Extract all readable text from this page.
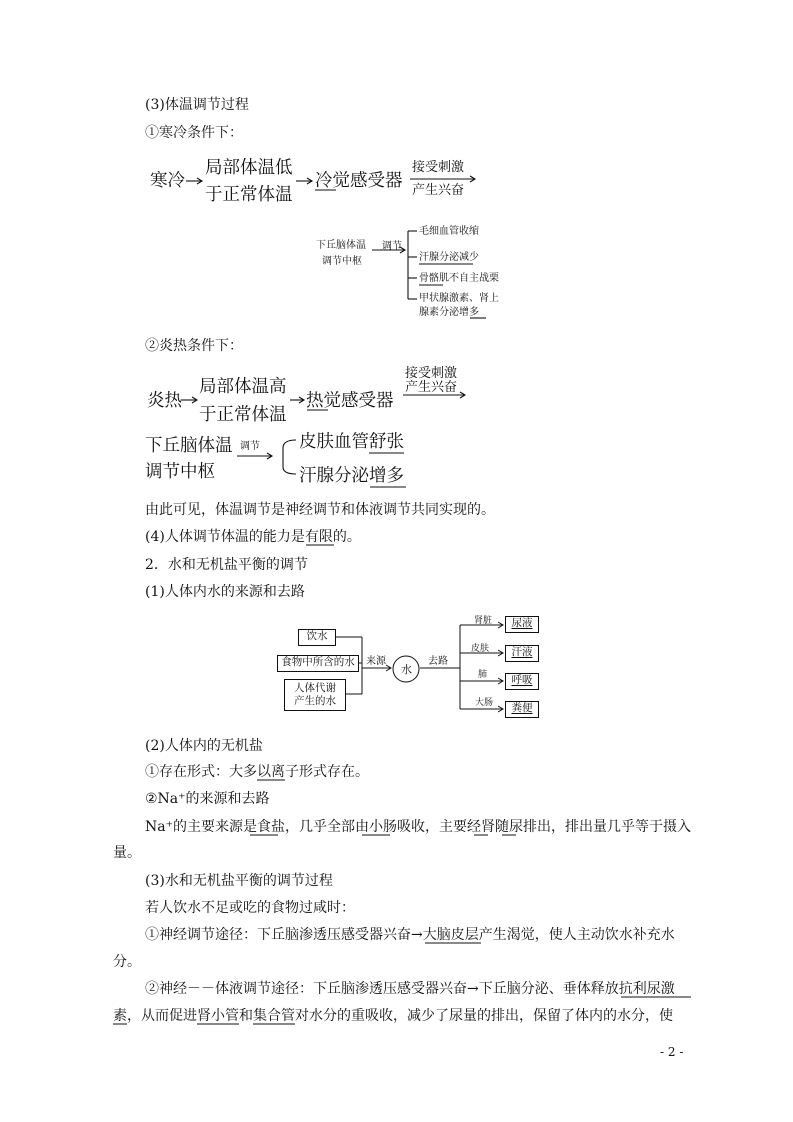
(3)体温调节过程
①寒冷条件下：
寒冷
局部体温低
于正常体温
冷觉感受器
接受刺激
产生兴奋
下丘脑体温
调节中枢
调节
毛细血管收缩
汗腺分泌减少
骨骼肌不自主战栗
甲状腺激素、肾上
腺素分泌增多
②炎热条件下：
炎热
局部体温高
于正常体温
热觉感受器
接受刺激
产生兴奋
下丘脑体温
调节中枢
调节 皮肤血管舒张
汗腺分泌增多
由此可见，体温调节是神经调节和体液调节共同实现的。
(4)人体调节体温的能力是有限的。
2．水和无机盐平衡的调节
(1)人体内水的来源和去路
饮水
食物中所含的水
人体代谢
产生的水
来源
水
去路
肾脏
皮肤
肺
大肠
尿液
汗液
呼吸
粪便
(2)人体内的无机盐
①存在形式：大多以离子形式存在。
②Na⁺的来源和去路
Na⁺的主要来源是食盐，几乎全部由小肠吸收，主要经肾随尿排出，排出量几乎等于摄入
量。
(3)水和无机盐平衡的调节过程
若人饮水不足或吃的食物过咸时：
①神经调节途径：下丘脑渗透压感受器兴奋→大脑皮层产生渴觉，使人主动饮水补充水
分。
②神经－－体液调节途径：下丘脑渗透压感受器兴奋→下丘脑分泌、垂体释放抗利尿激
素，从而促进肾小管和集合管对水分的重吸收，减少了尿量的排出，保留了体内的水分，使
- 2 -
